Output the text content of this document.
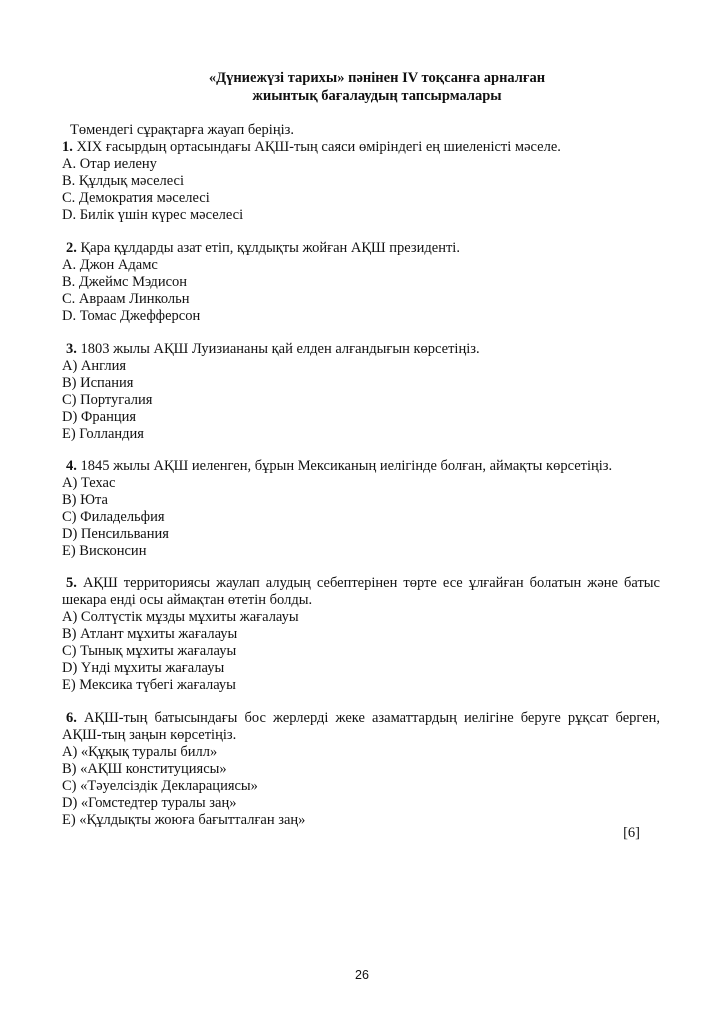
«Дүниежүзі тарихы» пәнінен IV тоқсанға арналған
жиынтық бағалаудың тапсырмалары
Төмендегі сұрақтарға жауап беріңіз.
1. XIX ғасырдың ортасындағы АҚШ-тың саяси өміріндегі ең шиеленісті мәселе.
A. Отар иелену
B. Құлдық мәселесі
C. Демократия мәселесі
D. Билік үшін күрес мәселесі
2. Қара құлдарды азат етіп, құлдықты жойған АҚШ президенті.
A. Джон Адамс
B. Джеймс Мэдисон
C. Авраам Линкольн
D. Томас Джефферсон
3. 1803 жылы АҚШ Луизиананы қай елден алғандығын көрсетіңіз.
A) Англия
B) Испания
C) Португалия
D) Франция
E) Голландия
4. 1845 жылы АҚШ иеленген, бұрын Мексиканың иелігінде болған, аймақты көрсетіңіз.
A) Техас
B) Юта
C) Филадельфия
D) Пенсильвания
E) Висконсин
5. АҚШ территориясы жаулап алудың себептерінен төрте есе ұлғайған болатын және батыс
шекара енді осы аймақтан өтетін болды.
A) Солтүстік мұзды мұхиты жағалауы
B) Атлант мұхиты жағалауы
C) Тынық мұхиты жағалауы
D) Үнді мұхиты жағалауы
E) Мексика түбегі жағалауы
6. АҚШ-тың батысындағы бос жерлерді жеке азаматтардың иелігіне беруге рұқсат берген,
АҚШ-тың заңын көрсетіңіз.
A) «Құқық туралы билл»
B) «АҚШ конституциясы»
C) «Тәуелсіздік Декларациясы»
D) «Гомстедтер туралы заң»
E) «Құлдықты жоюға бағытталған заң»
[6]
26
